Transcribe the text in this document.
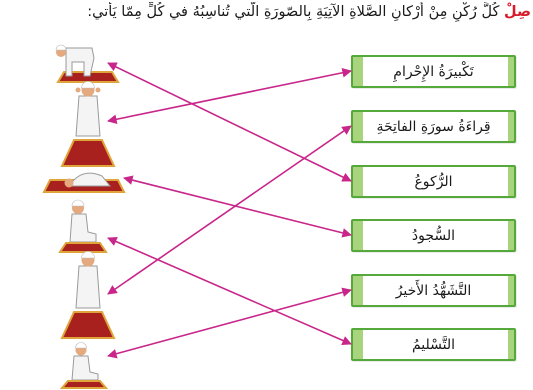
صِلْ كُلَّ رُكْنٍ مِنْ أَرْكانِ الصَّلاةِ الآتِيَةِ بِالصّورَةِ الَّتي تُناسِبُهُ في كُلٍّ مِمّا يَأْتي:
تَكْبيرَةُ الإِحْرامِ
قِراءَةُ سورَةِ الفاتِحَةِ
الرُّكوعُ
السُّجودُ
التَّشَهُّدُ الأَخيرُ
التَّسْليمُ
